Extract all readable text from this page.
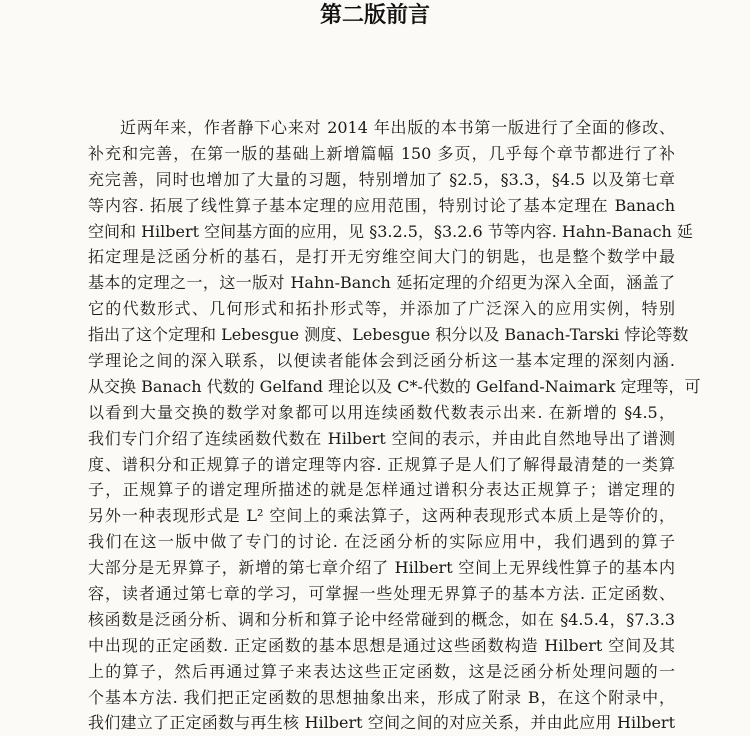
第二版前言
近两年来，作者静下心来对 2014 年出版的本书第一版进行了全面的修改、
补充和完善，在第一版的基础上新增篇幅 150 多页，几乎每个章节都进行了补
充完善，同时也增加了大量的习题，特别增加了 §2.5，§3.3，§4.5 以及第七章
等内容. 拓展了线性算子基本定理的应用范围，特别讨论了基本定理在 Banach
空间和 Hilbert 空间基方面的应用，见 §3.2.5，§3.2.6 节等内容. Hahn-Banach 延
拓定理是泛函分析的基石，是打开无穷维空间大门的钥匙，也是整个数学中最
基本的定理之一，这一版对 Hahn-Banch 延拓定理的介绍更为深入全面，涵盖了
它的代数形式、几何形式和拓扑形式等，并添加了广泛深入的应用实例，特别
指出了这个定理和 Lebesgue 测度、Lebesgue 积分以及 Banach-Tarski 悖论等数
学理论之间的深入联系，以便读者能体会到泛函分析这一基本定理的深刻内涵.
从交换 Banach 代数的 Gelfand 理论以及 C*-代数的 Gelfand-Naimark 定理等，可
以看到大量交换的数学对象都可以用连续函数代数表示出来. 在新增的 §4.5，
我们专门介绍了连续函数代数在 Hilbert 空间的表示，并由此自然地导出了谱测
度、谱积分和正规算子的谱定理等内容. 正规算子是人们了解得最清楚的一类算
子，正规算子的谱定理所描述的就是怎样通过谱积分表达正规算子；谱定理的
另外一种表现形式是 L² 空间上的乘法算子，这两种表现形式本质上是等价的，
我们在这一版中做了专门的讨论. 在泛函分析的实际应用中，我们遇到的算子
大部分是无界算子，新增的第七章介绍了 Hilbert 空间上无界线性算子的基本内
容，读者通过第七章的学习，可掌握一些处理无界算子的基本方法. 正定函数、
核函数是泛函分析、调和分析和算子论中经常碰到的概念，如在 §4.5.4，§7.3.3
中出现的正定函数. 正定函数的基本思想是通过这些函数构造 Hilbert 空间及其
上的算子，然后再通过算子来表达这些正定函数，这是泛函分析处理问题的一
个基本方法. 我们把正定函数的思想抽象出来，形成了附录 B，在这个附录中，
我们建立了正定函数与再生核 Hilbert 空间之间的对应关系，并由此应用 Hilbert
